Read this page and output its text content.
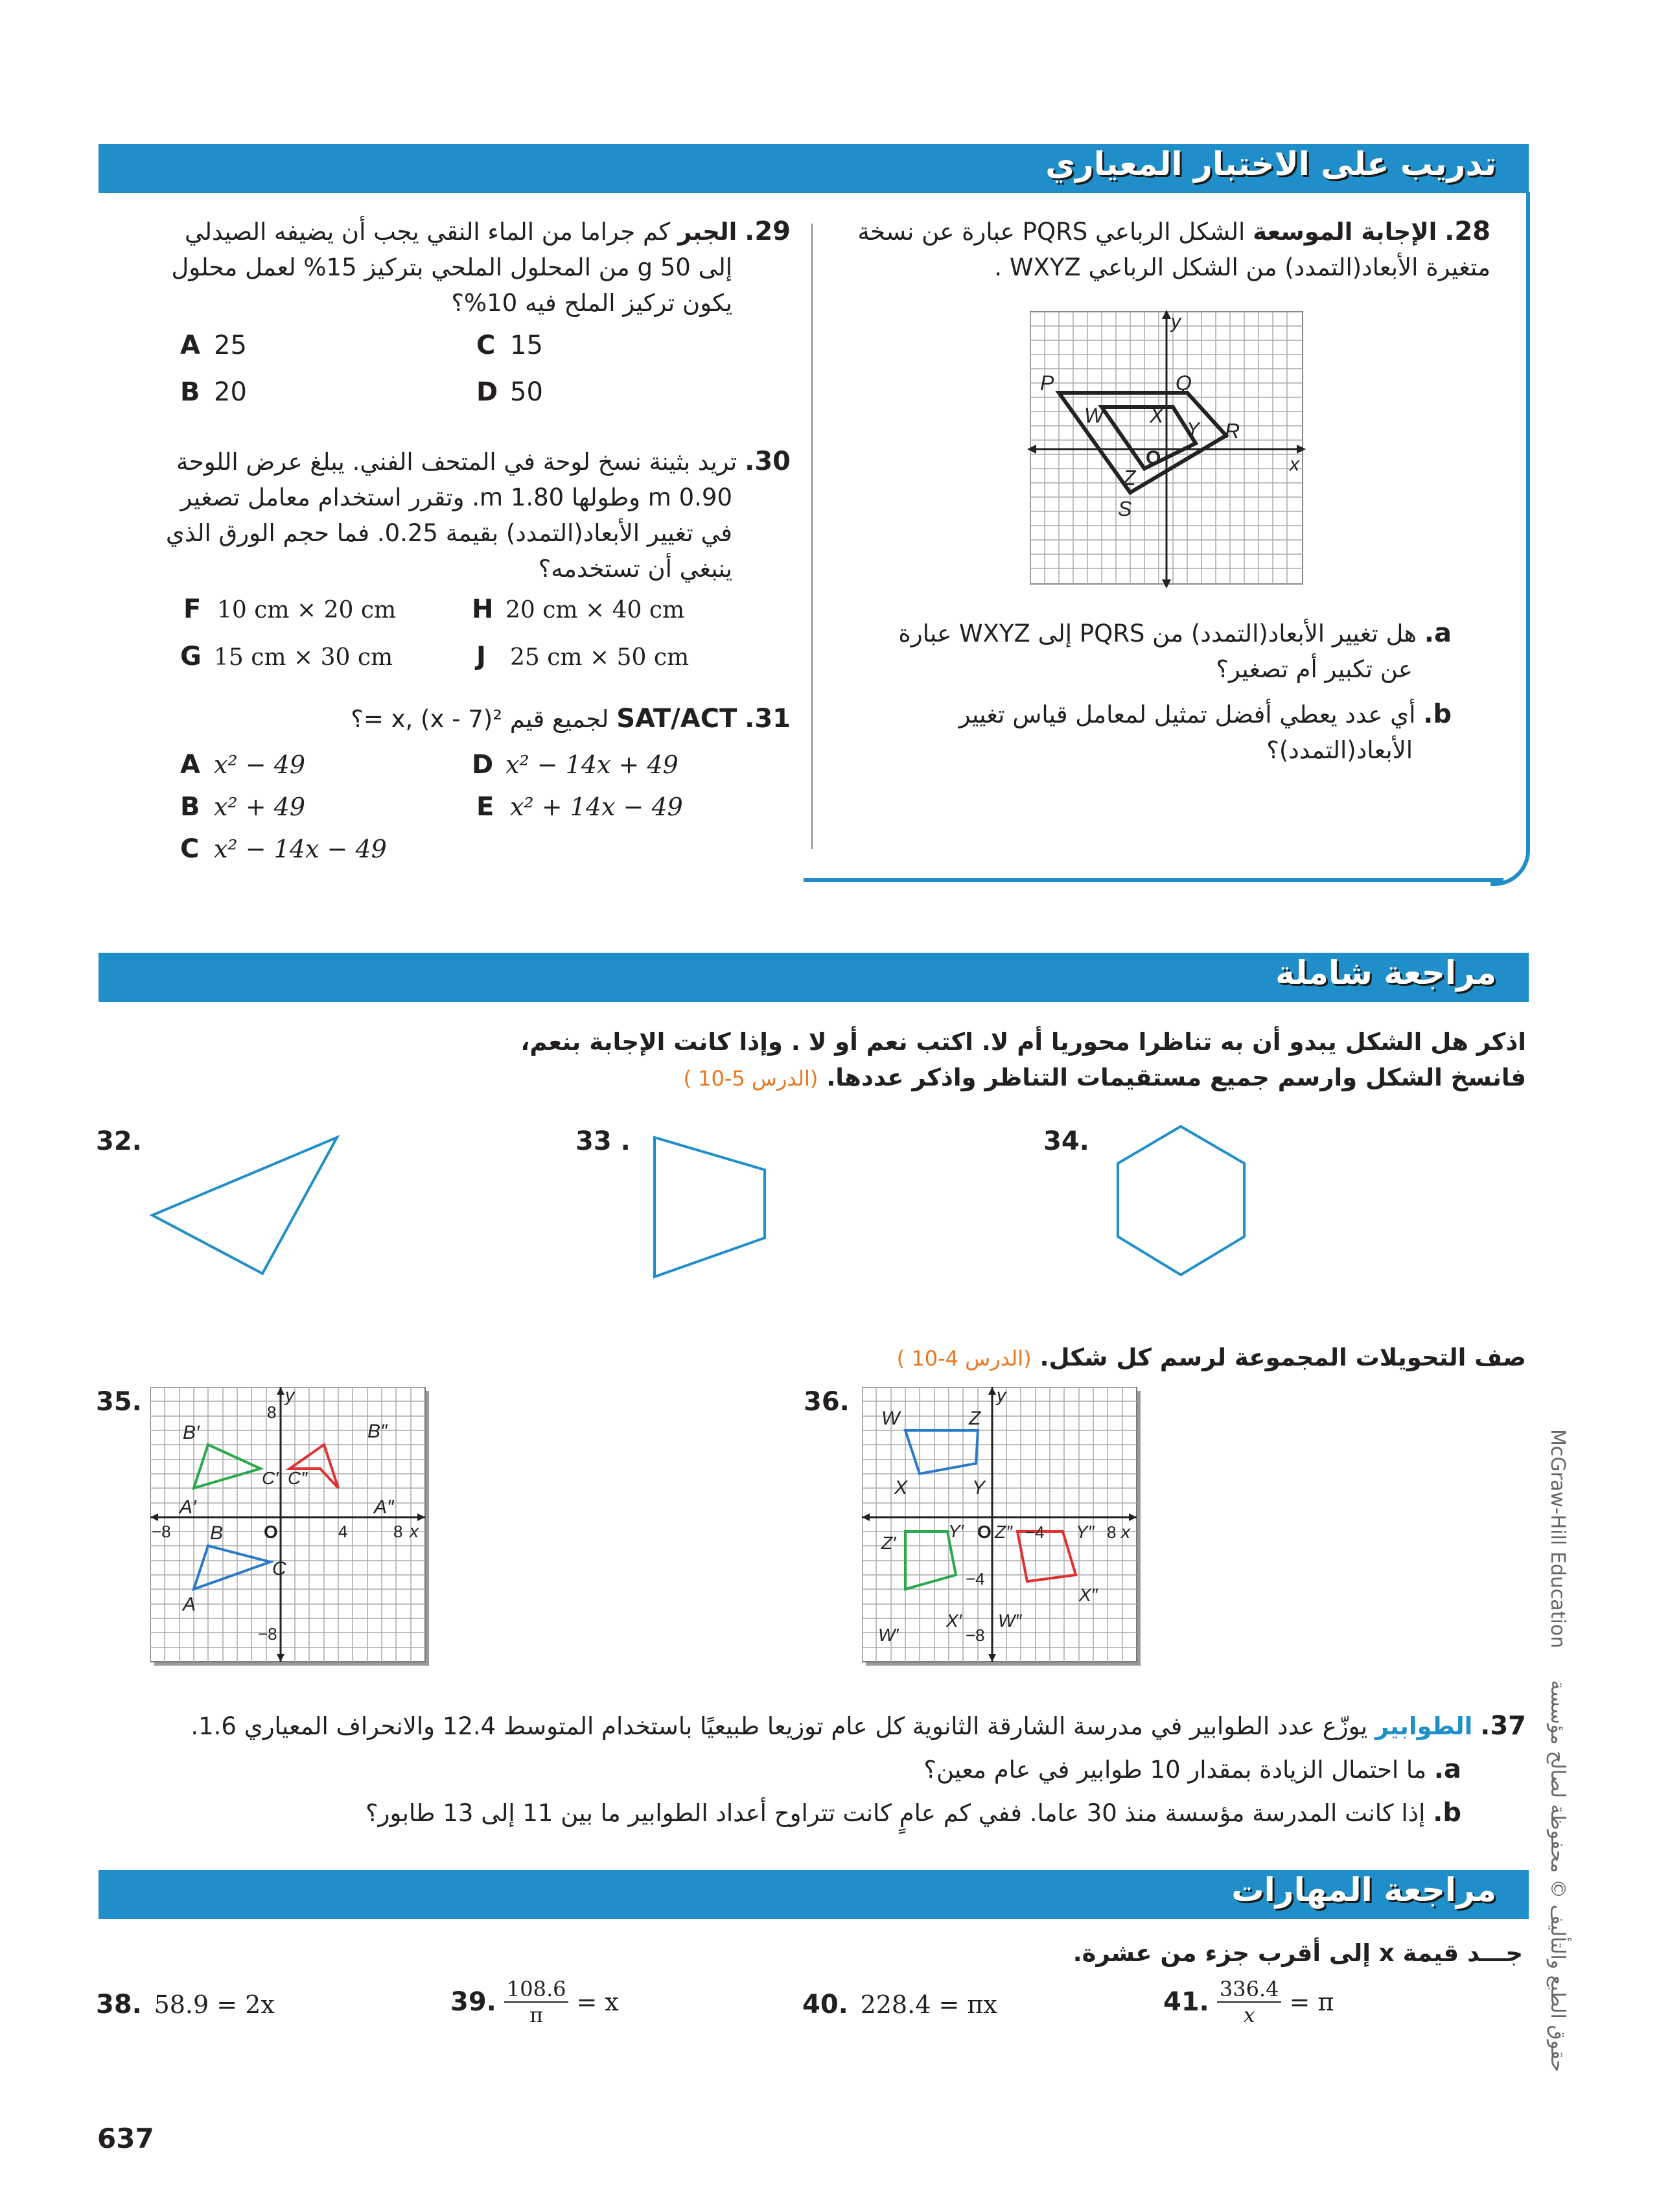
تدريب على الاختبار المعياري
28. الإجابة الموسعة الشكل الرباعي PQRS عبارة عن نسخة
متغيرة الأبعاد(التمدد) من الشكل الرباعي WXYZ .
y
x
O
P	Q
R
S
W X
Y
Z
a. هل تغيير الأبعاد(التمدد) من PQRS إلى WXYZ عبارة
عن تكبير أم تصغير؟
b. أي عدد يعطي أفضل تمثيل لمعامل قياس تغيير
الأبعاد(التمدد)؟
29. الجبر كم جراما من الماء النقي يجب أن يضيفه الصيدلي
إلى 50 g من المحلول الملحي بتركيز 15% لعمل محلول
يكون تركيز الملح فيه 10%؟
A 25
B 20
C 15
D 50
30. تريد بثينة نسخ لوحة في المتحف الفني. يبلغ عرض اللوحة
0.90 m وطولها 1.80 m. وتقرر استخدام معامل تصغير
في تغيير الأبعاد(التمدد) بقيمة 0.25. فما حجم الورق الذي
ينبغي أن تستخدمه؟
F 10 cm × 20 cm
G 15 cm × 30 cm
H 20 cm × 40 cm
J 25 cm × 50 cm
31. SAT/ACT لجميع قيم x, (x - 7)² =؟
A x² − 49
B x² + 49
C x² − 14x − 49
D x² − 14x + 49
E x² + 14x − 49
مراجعة شاملة
اذكر هل الشكل يبدو أن به تناظرا محوريا أم لا. اكتب نعم أو لا . وإذا كانت الإجابة بنعم،
فانسخ الشكل وارسم جميع مستقيمات التناظر واذكر عددها. (الدرس 5-10 )
32.	33 .	34.
صف التحويلات المجموعة لرسم كل شكل. (الدرس 4-10 )
35.
B′	B″
A′	A″
C′ C″
A
B
C
y
x
O
8
−8	4	8
−8
36.
W	Z
X	Y
Z′
Y′ O Z″ −4 Y″ 8 x
y
−4
X″
X′
−8
W″
W′
37. الطوابير يوزّع عدد الطوابير في مدرسة الشارقة الثانوية كل عام توزيعا طبيعيًا باستخدام المتوسط 12.4 والانحراف المعياري 1.6.
a. ما احتمال الزيادة بمقدار 10 طوابير في عام معين؟
b. إذا كانت المدرسة مؤسسة منذ 30 عاما. ففي كم عامٍ كانت تتراوح أعداد الطوابير ما بين 11 إلى 13 طابور؟
مراجعة المهارات
جـــد قيمة x إلى أقرب جزء من عشرة.
38. 58.9 = 2x	39. $\frac{108.6}{\pi} = x$	40. 228.4 = πx	41. $\frac{336.4}{x} = \pi$
637
McGraw-Hill Education  حقوق الطبع والتأليف © محفوظة لصالح مؤسسة
